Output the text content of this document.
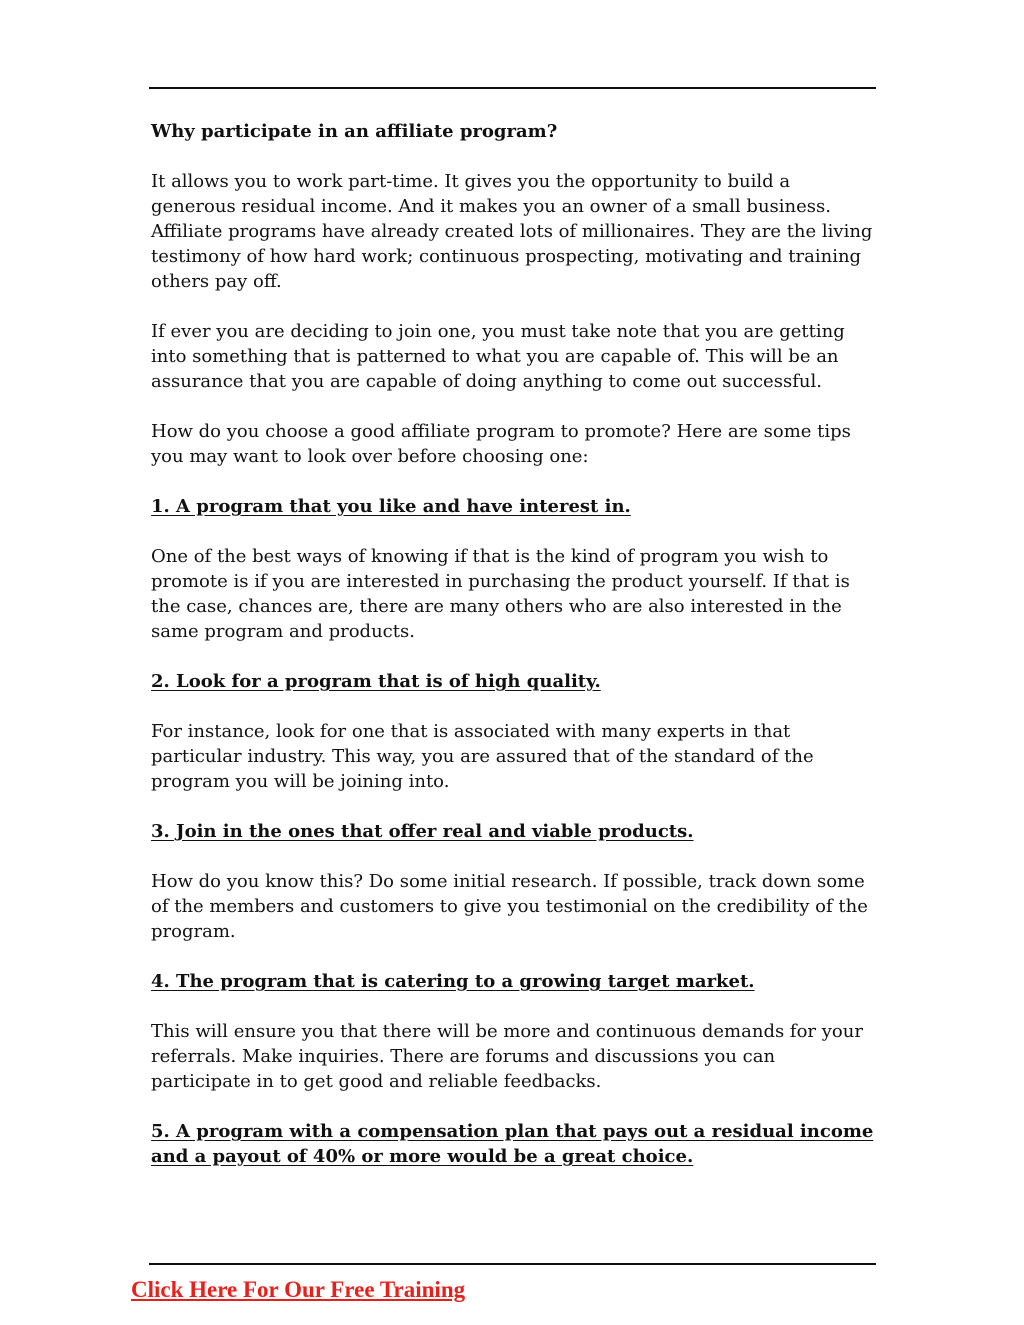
Why participate in an affiliate program?

It allows you to work part-time. It gives you the opportunity to build a generous residual income. And it makes you an owner of a small business. Affiliate programs have already created lots of millionaires. They are the living testimony of how hard work; continuous prospecting, motivating and training others pay off.

If ever you are deciding to join one, you must take note that you are getting into something that is patterned to what you are capable of. This will be an assurance that you are capable of doing anything to come out successful.

How do you choose a good affiliate program to promote? Here are some tips you may want to look over before choosing one:

1. A program that you like and have interest in.

One of the best ways of knowing if that is the kind of program you wish to promote is if you are interested in purchasing the product yourself. If that is the case, chances are, there are many others who are also interested in the same program and products.

2. Look for a program that is of high quality.

For instance, look for one that is associated with many experts in that particular industry. This way, you are assured that of the standard of the program you will be joining into.

3. Join in the ones that offer real and viable products.

How do you know this? Do some initial research. If possible, track down some of the members and customers to give you testimonial on the credibility of the program.

4. The program that is catering to a growing target market.

This will ensure you that there will be more and continuous demands for your referrals. Make inquiries. There are forums and discussions you can participate in to get good and reliable feedbacks.

5. A program with a compensation plan that pays out a residual income and a payout of 40% or more would be a great choice.

Click Here For Our Free Training
